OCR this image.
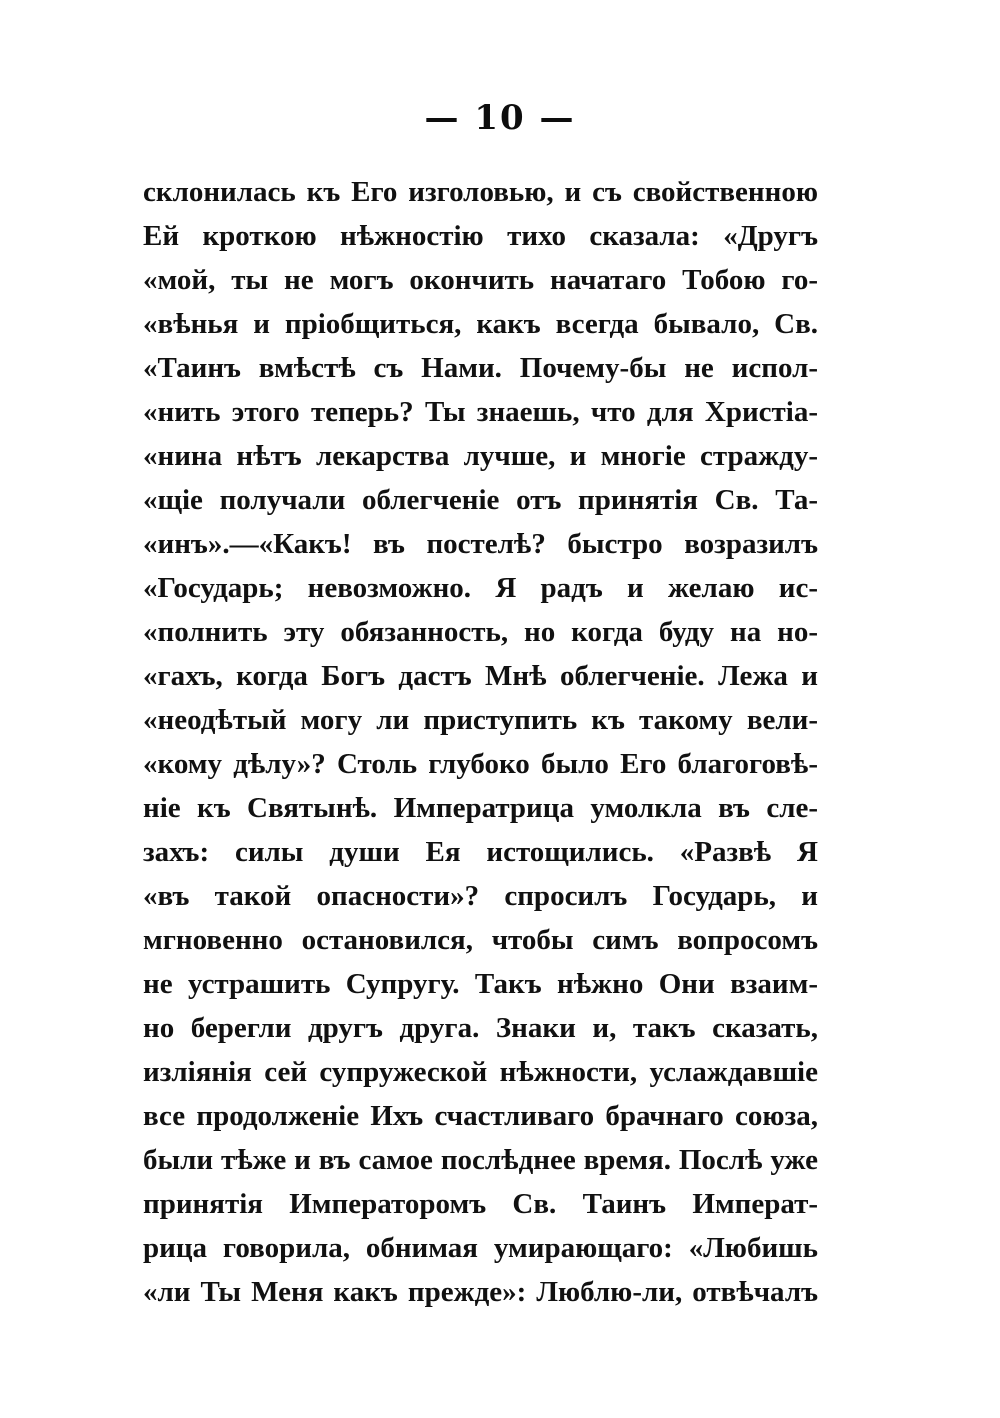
— 10 —
склонилась къ Его изголовью, и съ свойственною
Ей кроткою нѣжностію тихо сказала: «Другъ
«мой, ты не могъ окончить начатаго Тобою го-
«вѣнья и пріобщиться, какъ всегда бывало, Св.
«Таинъ вмѣстѣ съ Нами. Почему-бы не испол-
«нить этого теперь? Ты знаешь, что для Христіа-
«нина нѣтъ лекарства лучше, и многіе стражду-
«щіе получали облегченіе отъ принятія Св. Та-
«инъ».—«Какъ! въ постелѣ? быстро возразилъ
«Государь; невозможно. Я радъ и желаю ис-
«полнить эту обязанность, но когда буду на но-
«гахъ, когда Богъ дастъ Мнѣ облегченіе. Лежа и
«неодѣтый могу ли приступить къ такому вели-
«кому дѣлу»? Столь глубоко было Его благоговѣ-
ніе къ Святынѣ. Императрица умолкла въ сле-
захъ: силы души Ея истощились. «Развѣ Я
«въ такой опасности»? спросилъ Государь, и
мгновенно остановился, чтобы симъ вопросомъ
не устрашить Супругу. Такъ нѣжно Они взаим-
но берегли другъ друга. Знаки и, такъ сказать,
излiянiя сей супружеской нѣжности, услаждавшіе
все продолженіе Ихъ счастливаго брачнаго союза,
были тѣже и въ самое послѣднее время. Послѣ уже
принятія Императоромъ Св. Таинъ Императ-
рица говорила, обнимая умирающаго: «Любишь
«ли Ты Меня какъ прежде»: Люблю-ли, отвѣчалъ
